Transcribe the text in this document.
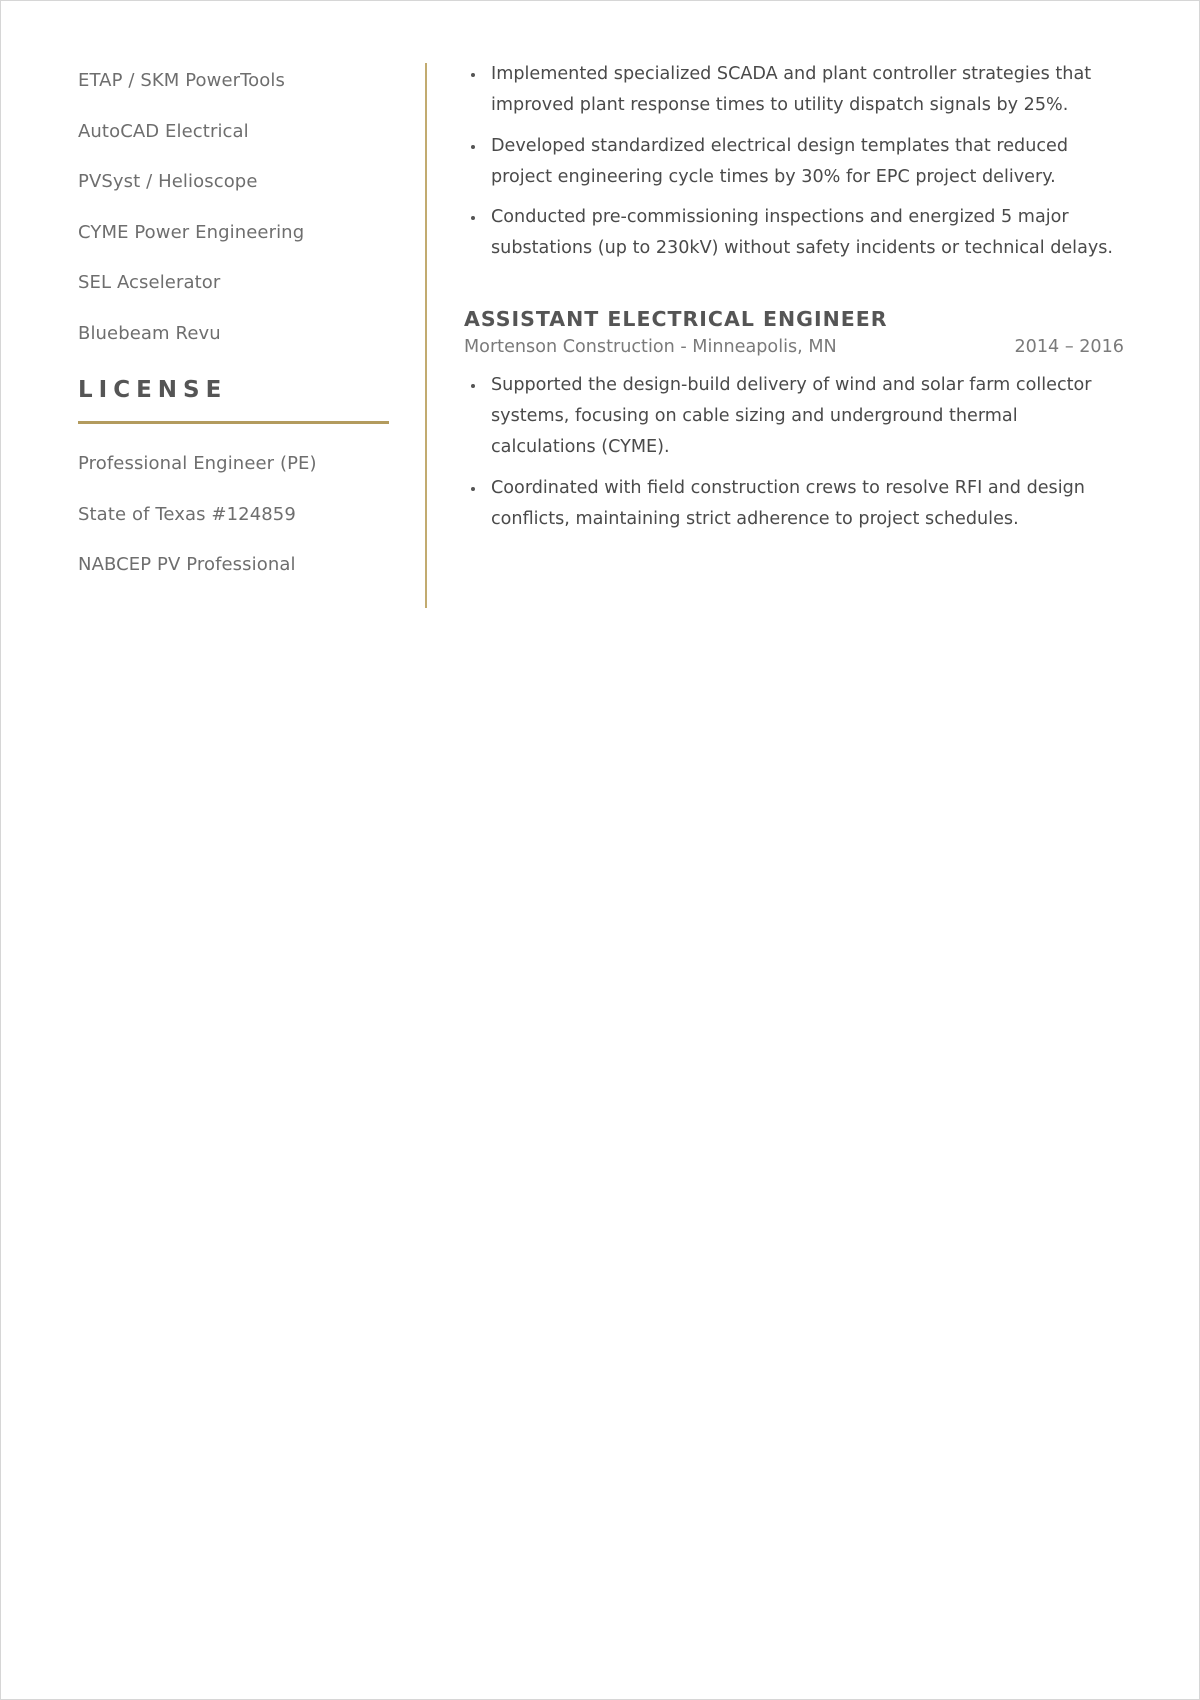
ETAP / SKM PowerTools
AutoCAD Electrical
PVSyst / Helioscope
CYME Power Engineering
SEL Acselerator
Bluebeam Revu
LICENSE
Professional Engineer (PE)
State of Texas #124859
NABCEP PV Professional
Implemented specialized SCADA and plant controller strategies that improved plant response times to utility dispatch signals by 25%.
Developed standardized electrical design templates that reduced project engineering cycle times by 30% for EPC project delivery.
Conducted pre-commissioning inspections and energized 5 major substations (up to 230kV) without safety incidents or technical delays.
ASSISTANT ELECTRICAL ENGINEER
Mortenson Construction - Minneapolis, MN	2014 – 2016
Supported the design-build delivery of wind and solar farm collector systems, focusing on cable sizing and underground thermal calculations (CYME).
Coordinated with field construction crews to resolve RFI and design conflicts, maintaining strict adherence to project schedules.
